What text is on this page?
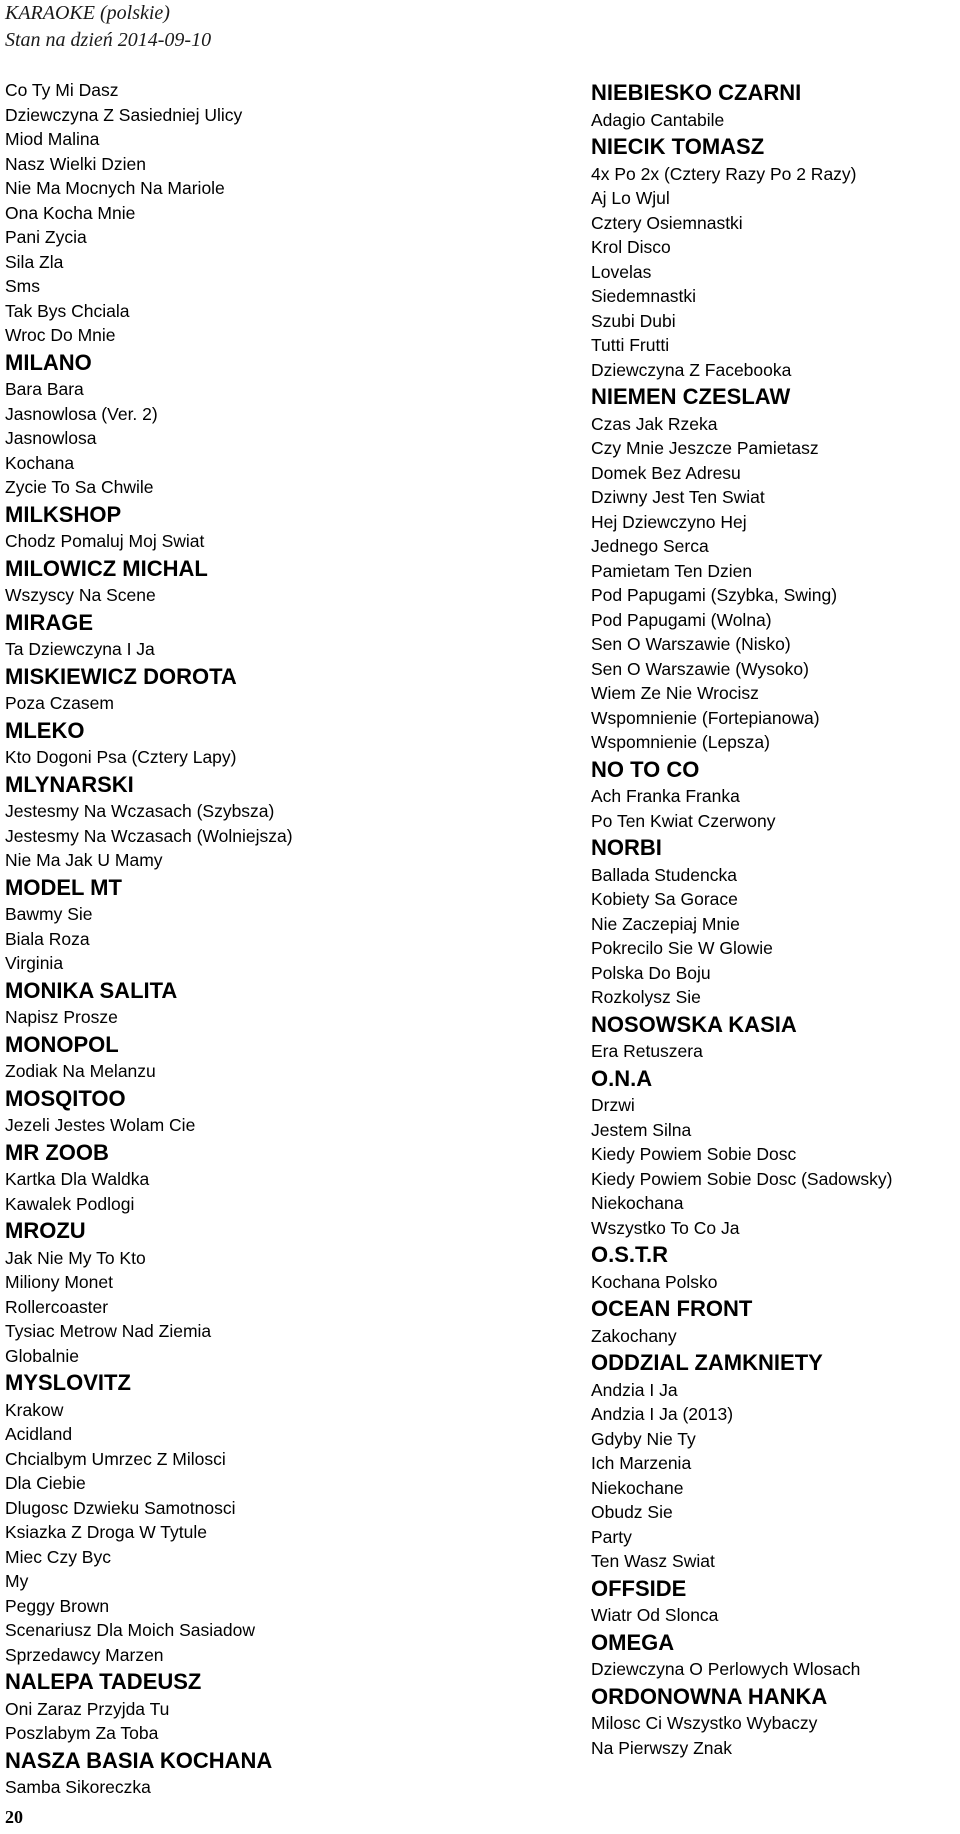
KARAOKE (polskie)
Stan na dzień 2014-09-10
Co Ty Mi Dasz
Dziewczyna Z Sasiedniej Ulicy
Miod Malina
Nasz Wielki Dzien
Nie Ma Mocnych Na Mariole
Ona Kocha Mnie
Pani Zycia
Sila Zla
Sms
Tak Bys Chciala
Wroc Do Mnie
MILANO
Bara Bara
Jasnowlosa (Ver. 2)
Jasnowlosa
Kochana
Zycie To Sa Chwile
MILKSHOP
Chodz Pomaluj Moj Swiat
MILOWICZ MICHAL
Wszyscy Na Scene
MIRAGE
Ta Dziewczyna I Ja
MISKIEWICZ DOROTA
Poza Czasem
MLEKO
Kto Dogoni Psa (Cztery Lapy)
MLYNARSKI
Jestesmy Na Wczasach (Szybsza)
Jestesmy Na Wczasach (Wolniejsza)
Nie Ma Jak U Mamy
MODEL MT
Bawmy Sie
Biala Roza
Virginia
MONIKA SALITA
Napisz Prosze
MONOPOL
Zodiak Na Melanzu
MOSQITOO
Jezeli Jestes Wolam Cie
MR ZOOB
Kartka Dla Waldka
Kawalek Podlogi
MROZU
Jak Nie My To Kto
Miliony Monet
Rollercoaster
Tysiac Metrow Nad Ziemia
Globalnie
MYSLOVITZ
Krakow
Acidland
Chcialbym Umrzec Z Milosci
Dla Ciebie
Dlugosc Dzwieku Samotnosci
Ksiazka Z Droga W Tytule
Miec Czy Byc
My
Peggy Brown
Scenariusz Dla Moich Sasiadow
Sprzedawcy Marzen
NALEPA TADEUSZ
Oni Zaraz Przyjda Tu
Poszlabym Za Toba
NASZA BASIA KOCHANA
Samba Sikoreczka
NIEBIESKO CZARNI
Adagio Cantabile
NIECIK TOMASZ
4x Po 2x (Cztery Razy Po 2 Razy)
Aj Lo Wjul
Cztery Osiemnastki
Krol Disco
Lovelas
Siedemnastki
Szubi Dubi
Tutti Frutti
Dziewczyna Z Facebooka
NIEMEN CZESLAW
Czas Jak Rzeka
Czy Mnie Jeszcze Pamietasz
Domek Bez Adresu
Dziwny Jest Ten Swiat
Hej Dziewczyno Hej
Jednego Serca
Pamietam Ten Dzien
Pod Papugami (Szybka, Swing)
Pod Papugami (Wolna)
Sen O Warszawie (Nisko)
Sen O Warszawie (Wysoko)
Wiem Ze Nie Wrocisz
Wspomnienie (Fortepianowa)
Wspomnienie (Lepsza)
NO TO CO
Ach Franka Franka
Po Ten Kwiat Czerwony
NORBI
Ballada Studencka
Kobiety Sa Gorace
Nie Zaczepiaj Mnie
Pokrecilo Sie W Glowie
Polska Do Boju
Rozkolysz Sie
NOSOWSKA KASIA
Era Retuszera
O.N.A
Drzwi
Jestem Silna
Kiedy Powiem Sobie Dosc
Kiedy Powiem Sobie Dosc (Sadowsky)
Niekochana
Wszystko To Co Ja
O.S.T.R
Kochana Polsko
OCEAN FRONT
Zakochany
ODDZIAL ZAMKNIETY
Andzia I Ja
Andzia I Ja (2013)
Gdyby Nie Ty
Ich Marzenia
Niekochane
Obudz Sie
Party
Ten Wasz Swiat
OFFSIDE
Wiatr Od Slonca
OMEGA
Dziewczyna O Perlowych Wlosach
ORDONOWNA HANKA
Milosc Ci Wszystko Wybaczy
Na Pierwszy Znak
20
